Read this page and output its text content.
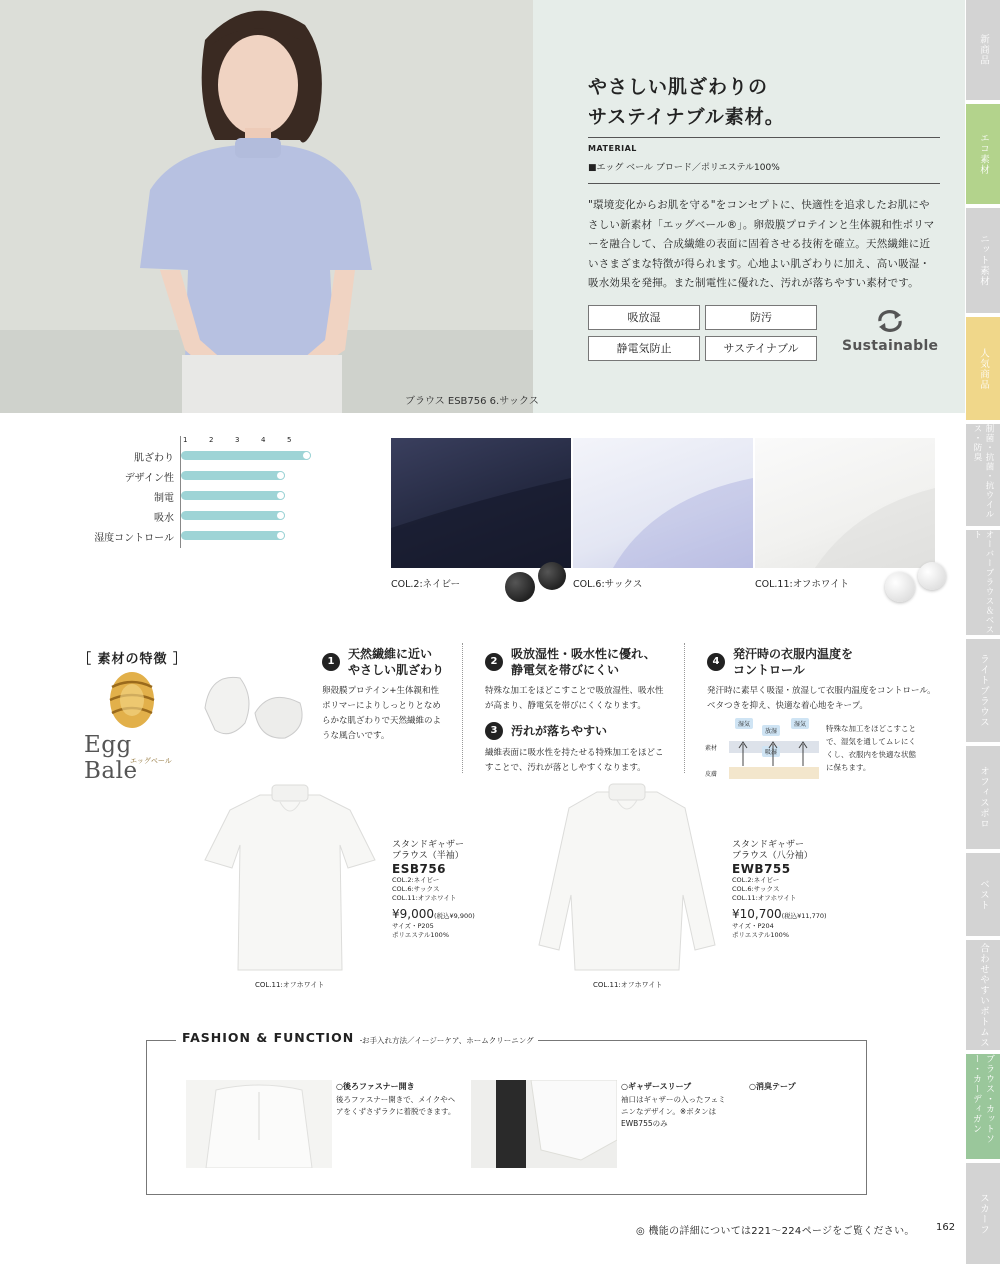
ブラウス ESB756 6.サックス
やさしい肌ざわりの
サステイナブル素材。
MATERIAL
■エッグ ベール ブロード／ポリエステル100%
"環境変化からお肌を守る"をコンセプトに、快適性を追求したお肌にやさしい新素材「エッグベール®」。卵殻膜プロテインと生体親和性ポリマーを融合して、合成繊維の表面に固着させる技術を確立。天然繊維に近いさまざまな特徴が得られます。心地よい肌ざわりに加え、高い吸湿・吸水効果を発揮。また制電性に優れた、汚れが落ちやすい素材です。
吸放湿	防汚
静電気防止	サステイナブル	Sustainable
新商品
エコ素材
ニット素材
人気商品
制菌・抗菌・抗ウイルス・防臭
オーバーブラウス＆ベスト
ライトブラウス
オフィスポロ
ベスト
合わせやすいボトムス
ブラウス・カットソー・カーディガン
スカーフ
1	2	3	4	5
肌ざわり
デザイン性
制電
吸水
湿度コントロール
COL.2:ネイビー	COL.6:サックス	COL.11:オフホワイト
［ 素材の特徴 ］
Egg Bale
エッグベール
1
天然繊維に近い
やさしい肌ざわり
卵殻膜プロテイン+生体親和性ポリマーによりしっとりとなめらかな肌ざわりで天然繊維のような風合いです。
2
吸放湿性・吸水性に優れ、
静電気を帯びにくい
特殊な加工をほどこすことで吸放湿性、吸水性が高まり、静電気を帯びにくくなります。
3	汚れが落ちやすい
繊維表面に吸水性を持たせる特殊加工をほどこすことで、汚れが落としやすくなります。
4
発汗時の衣服内温度を
コントロール
発汗時に素早く吸湿・放湿して衣服内温度をコントロール。ベタつきを抑え、快適な着心地をキープ。
湿気
放湿
湿気
吸湿
素材
皮膚
特殊な加工をほどこすことで、湿気を通してムレにくくし、衣服内を快適な状態に保ちます。
COL.11:オフホワイト
スタンドギャザー
ブラウス（半袖）
ESB756
COL.2:ネイビー
COL.6:サックス
COL.11:オフホワイト
¥9,000(税込¥9,900)
サイズ・P205
ポリエステル100%
COL.11:オフホワイト
スタンドギャザー
ブラウス（八分袖）
EWB755
COL.2:ネイビー
COL.6:サックス
COL.11:オフホワイト
¥10,700(税込¥11,770)
サイズ・P204
ポリエステル100%
FASHION & FUNCTION	お手入れ方法／イージーケア、ホームクリーニング
○後ろファスナー開き
後ろファスナー開きで、メイクやヘアをくずさずラクに着脱できます。
○ギャザースリーブ
袖口はギャザーの入ったフェミニンなデザイン。※ボタンはEWB755のみ
○消臭テープ
◎ 機能の詳細については221〜224ページをご覧ください。 162
